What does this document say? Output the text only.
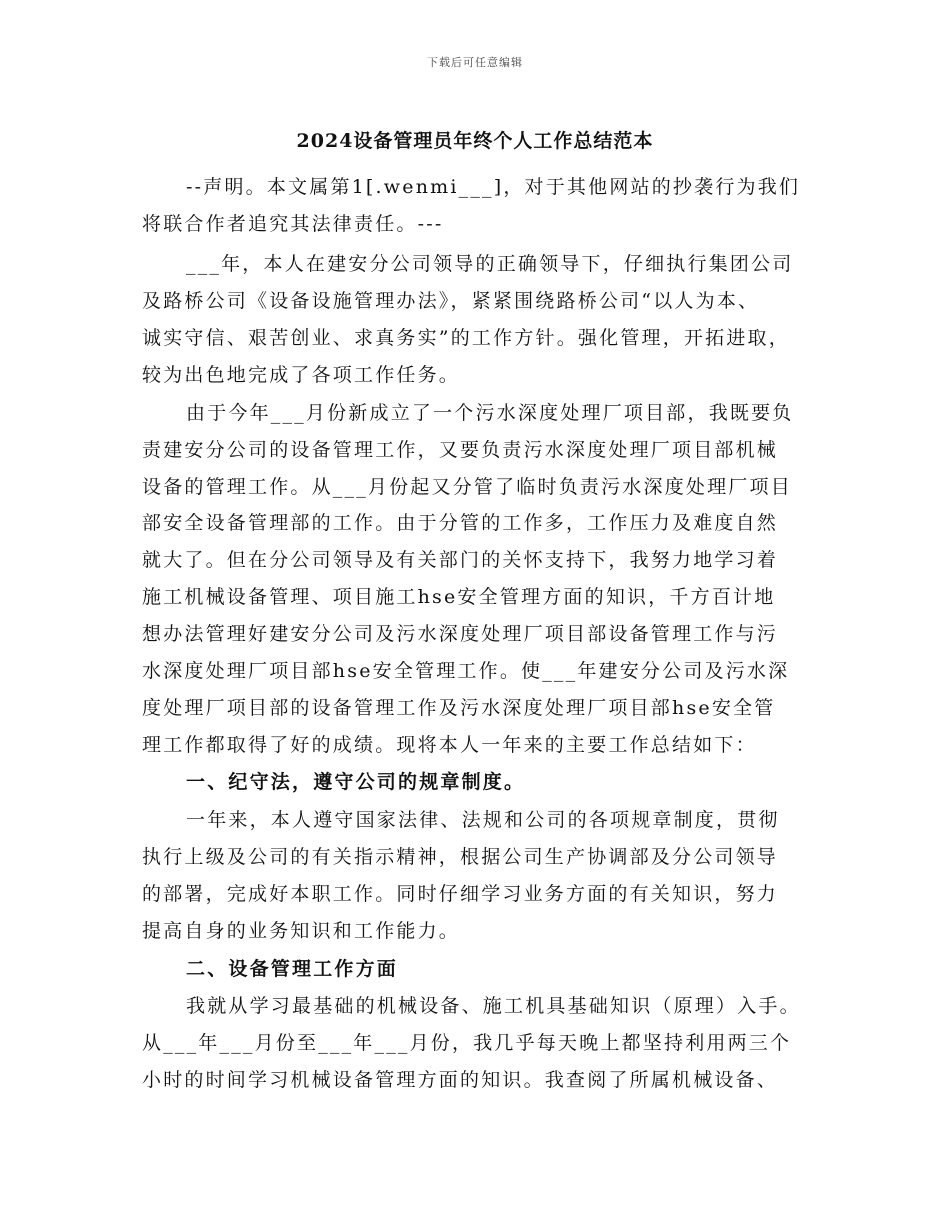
下载后可任意编辑
2024设备管理员年终个人工作总结范本
--声明。本文属第1[.wenmi___]，对于其他网站的抄袭行为我们
将联合作者追究其法律责任。---
___年，本人在建安分公司领导的正确领导下，仔细执行集团公司
及路桥公司《设备设施管理办法》，紧紧围绕路桥公司“以人为本、
诚实守信、艰苦创业、求真务实”的工作方针。强化管理，开拓进取，
较为出色地完成了各项工作任务。
由于今年___月份新成立了一个污水深度处理厂项目部，我既要负
责建安分公司的设备管理工作，又要负责污水深度处理厂项目部机械
设备的管理工作。从___月份起又分管了临时负责污水深度处理厂项目
部安全设备管理部的工作。由于分管的工作多，工作压力及难度自然
就大了。但在分公司领导及有关部门的关怀支持下，我努力地学习着
施工机械设备管理、项目施工hse安全管理方面的知识，千方百计地
想办法管理好建安分公司及污水深度处理厂项目部设备管理工作与污
水深度处理厂项目部hse安全管理工作。使___年建安分公司及污水深
度处理厂项目部的设备管理工作及污水深度处理厂项目部hse安全管
理工作都取得了好的成绩。现将本人一年来的主要工作总结如下：
一、纪守法，遵守公司的规章制度。
一年来，本人遵守国家法律、法规和公司的各项规章制度，贯彻
执行上级及公司的有关指示精神，根据公司生产协调部及分公司领导
的部署，完成好本职工作。同时仔细学习业务方面的有关知识，努力
提高自身的业务知识和工作能力。
二、设备管理工作方面
我就从学习最基础的机械设备、施工机具基础知识（原理）入手。
从___年___月份至___年___月份，我几乎每天晚上都坚持利用两三个
小时的时间学习机械设备管理方面的知识。我查阅了所属机械设备、
